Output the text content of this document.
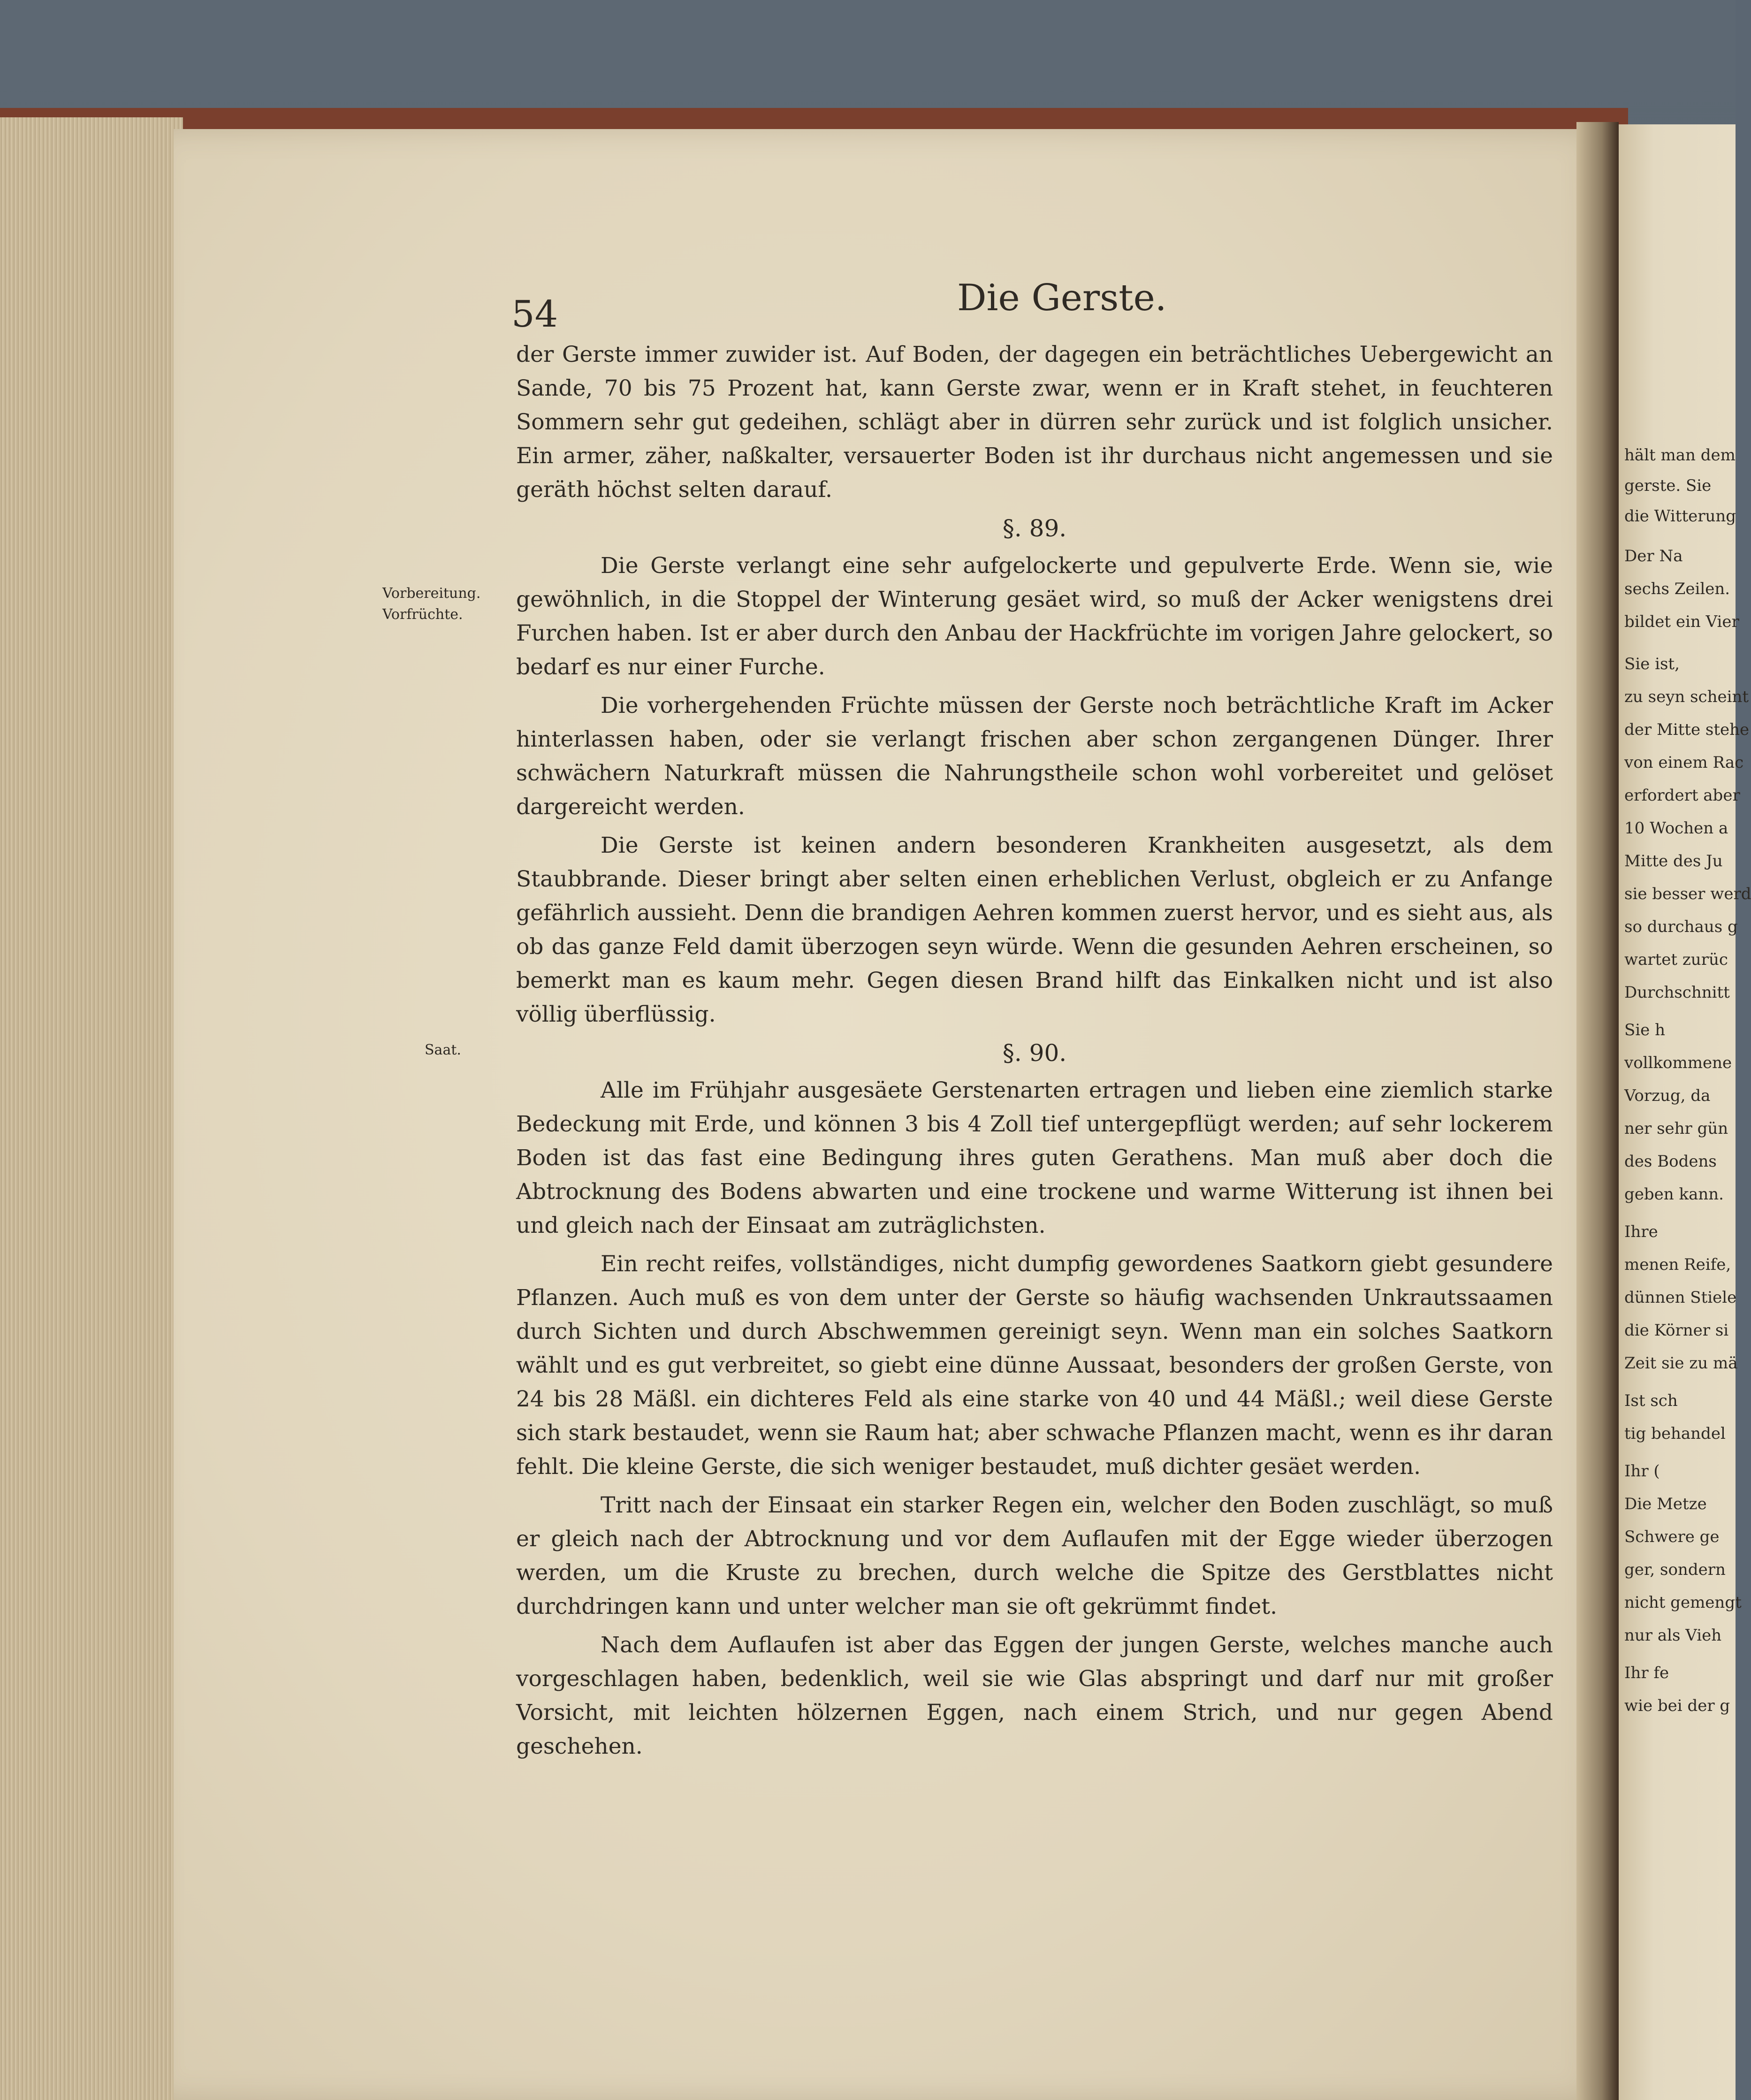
54	Die Gerste.
Vorbereitung.
Vorfrüchte.
Saat.

der Gerste immer zuwider ist. Auf Boden, der dagegen ein beträchtliches Uebergewicht an Sande, 70 bis 75 Prozent hat, kann Gerste zwar, wenn er in Kraft stehet, in feuchteren Sommern sehr gut gedeihen, schlägt aber in dürren sehr zurück und ist folglich unsicher. Ein armer, zäher, naßkalter, versauerter Boden ist ihr durchaus nicht angemessen und sie geräth höchst selten darauf.

§. 89.

Die Gerste verlangt eine sehr aufgelockerte und gepulverte Erde. Wenn sie, wie gewöhnlich, in die Stoppel der Winterung gesäet wird, so muß der Acker wenigstens drei Furchen haben. Ist er aber durch den Anbau der Hackfrüchte im vorigen Jahre gelockert, so bedarf es nur einer Furche.

Die vorhergehenden Früchte müssen der Gerste noch beträchtliche Kraft im Acker hinterlassen haben, oder sie verlangt frischen aber schon zergangenen Dünger. Ihrer schwächern Naturkraft müssen die Nahrungstheile schon wohl vorbereitet und gelöset dargereicht werden.

Die Gerste ist keinen andern besonderen Krankheiten ausgesetzt, als dem Staubbrande. Dieser bringt aber selten einen erheblichen Verlust, obgleich er zu Anfange gefährlich aussieht. Denn die brandigen Aehren kommen zuerst hervor, und es sieht aus, als ob das ganze Feld damit überzogen seyn würde. Wenn die gesunden Aehren erscheinen, so bemerkt man es kaum mehr. Gegen diesen Brand hilft das Einkalken nicht und ist also völlig überflüssig.

§. 90.

Alle im Frühjahr ausgesäete Gerstenarten ertragen und lieben eine ziemlich starke Bedeckung mit Erde, und können 3 bis 4 Zoll tief untergepflügt werden; auf sehr lockerem Boden ist das fast eine Bedingung ihres guten Gerathens. Man muß aber doch die Abtrocknung des Bodens abwarten und eine trockene und warme Witterung ist ihnen bei und gleich nach der Einsaat am zuträglichsten.

Ein recht reifes, vollständiges, nicht dumpfig gewordenes Saatkorn giebt gesundere Pflanzen. Auch muß es von dem unter der Gerste so häufig wachsenden Unkrautssaamen durch Sichten und durch Abschwemmen gereinigt seyn. Wenn man ein solches Saatkorn wählt und es gut verbreitet, so giebt eine dünne Aussaat, besonders der großen Gerste, von 24 bis 28 Mäßl. ein dichteres Feld als eine starke von 40 und 44 Mäßl.; weil diese Gerste sich stark bestaudet, wenn sie Raum hat; aber schwache Pflanzen macht, wenn es ihr daran fehlt. Die kleine Gerste, die sich weniger bestaudet, muß dichter gesäet werden.

Tritt nach der Einsaat ein starker Regen ein, welcher den Boden zuschlägt, so muß er gleich nach der Abtrocknung und vor dem Auflaufen mit der Egge wieder überzogen werden, um die Kruste zu brechen, durch welche die Spitze des Gerstblattes nicht durchdringen kann und unter welcher man sie oft gekrümmt findet.

Nach dem Auflaufen ist aber das Eggen der jungen Gerste, welches manche auch vorgeschlagen haben, bedenklich, weil sie wie Glas abspringt und darf nur mit großer Vorsicht, mit leichten hölzernen Eggen, nach einem Strich, und nur gegen Abend geschehen.

hält man dem
gerste. Sie
die Witterung
Der Na
sechs Zeilen.
bildet ein Vier
Sie ist,
zu seyn scheint
der Mitte stehe
von einem Rac
erfordert aber
10 Wochen a
Mitte des Ju
sie besser werd
so durchaus g
wartet zurüc
Durchschnitt
Sie h
vollkommene
Vorzug, da
ner sehr gün
des Bodens
geben kann.
Ihre
menen Reife,
dünnen Stiele
die Körner si
Zeit sie zu mä
Ist sch
tig behandel
Ihr (
Die Metze
Schwere ge
ger, sondern
nicht gemengt
nur als Vieh
Ihr fe
wie bei der g
